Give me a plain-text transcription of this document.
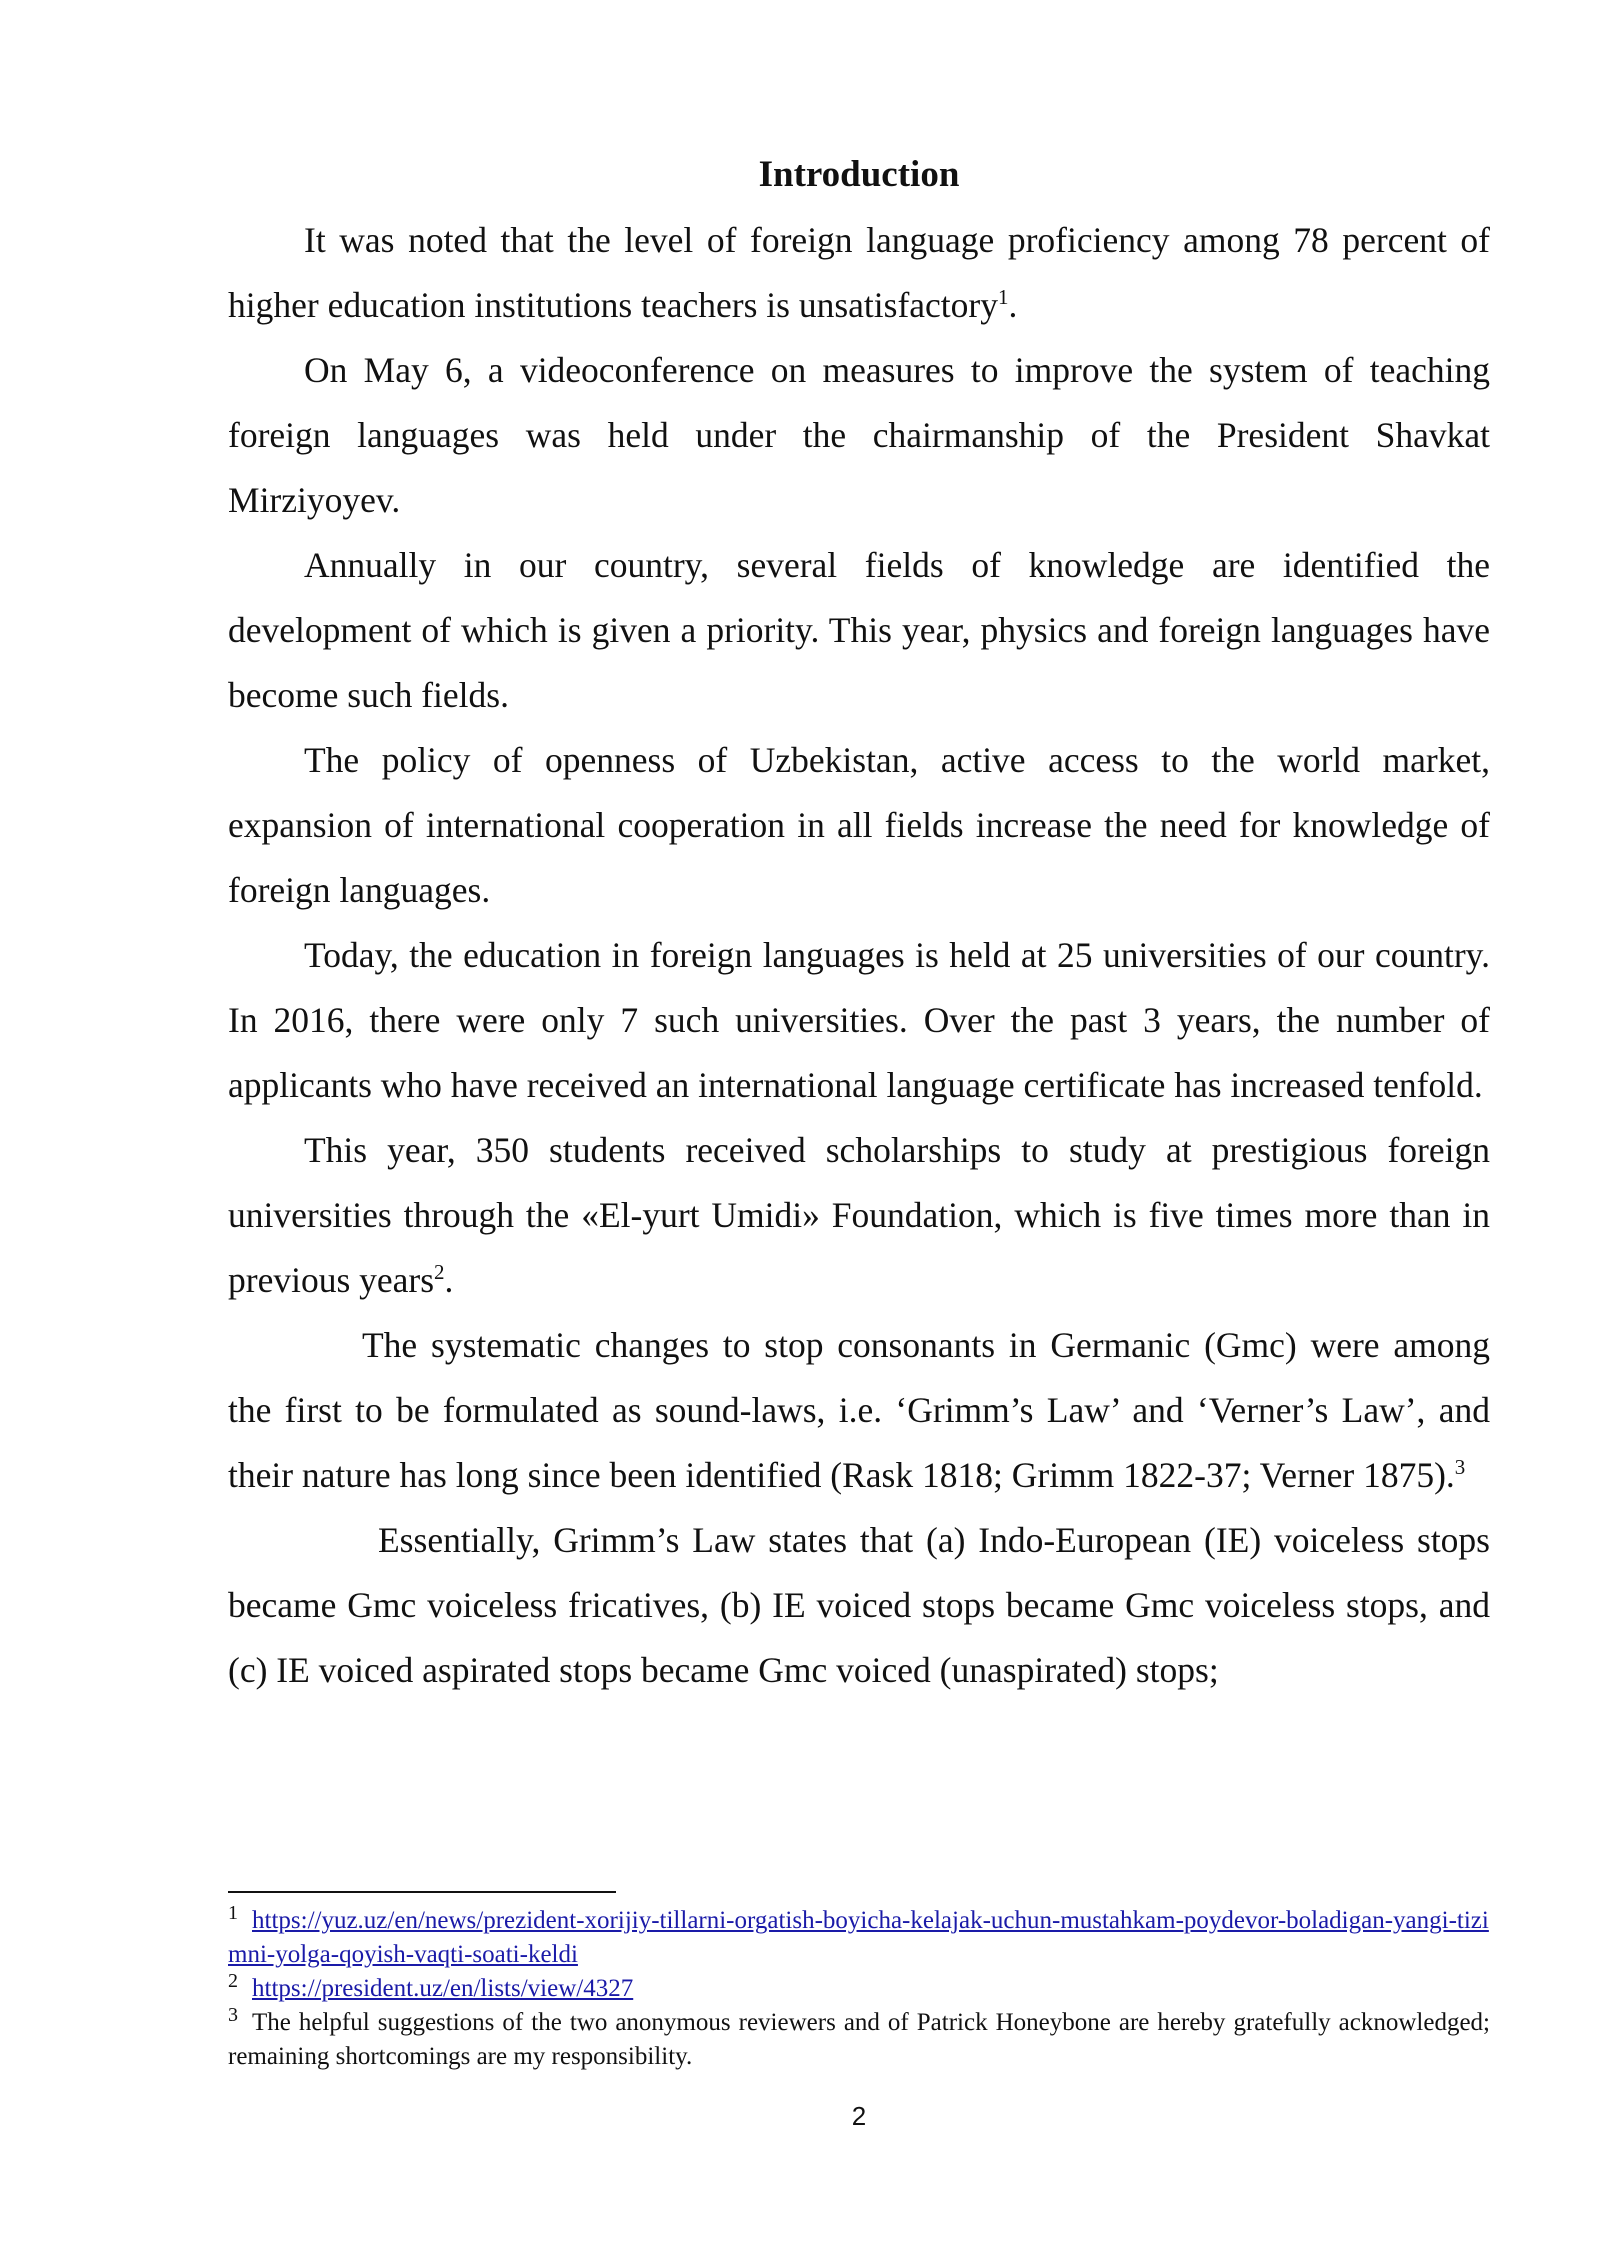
Introduction

It was noted that the level of foreign language proficiency among 78 percent of higher education institutions teachers is unsatisfactory$^1$.

On May 6, a videoconference on measures to improve the system of teaching foreign languages was held under the chairmanship of the President Shavkat Mirziyoyev.

Annually in our country, several fields of knowledge are identified the development of which is given a priority. This year, physics and foreign languages have become such fields.

The policy of openness of Uzbekistan, active access to the world market, expansion of international cooperation in all fields increase the need for knowledge of foreign languages.

Today, the education in foreign languages is held at 25 universities of our country. In 2016, there were only 7 such universities. Over the past 3 years, the number of applicants who have received an international language certificate has increased tenfold.

This year, 350 students received scholarships to study at prestigious foreign universities through the «El-yurt Umidi» Foundation, which is five times more than in previous years$^2$.

The systematic changes to stop consonants in Germanic (Gmc) were among the first to be formulated as sound-laws, i.e. ‘Grimm’s Law’ and ‘Verner’s Law’, and their nature has long since been identified (Rask 1818; Grimm 1822-37; Verner 1875).$^3$

Essentially, Grimm’s Law states that (a) Indo-European (IE) voiceless stops became Gmc voiceless fricatives, (b) IE voiced stops became Gmc voiceless stops, and (c) IE voiced aspirated stops became Gmc voiced (unaspirated) stops;

$^1$ https://yuz.uz/en/news/prezident-xorijiy-tillarni-orgatish-boyicha-kelajak-uchun-mustahkam-poydevor-boladigan-yangi-tizimni-yolga-qoyish-vaqti-soati-keldi

$^2$ https://president.uz/en/lists/view/4327

$^3$ The helpful suggestions of the two anonymous reviewers and of Patrick Honeybone are hereby gratefully acknowledged; remaining shortcomings are my responsibility.

2
